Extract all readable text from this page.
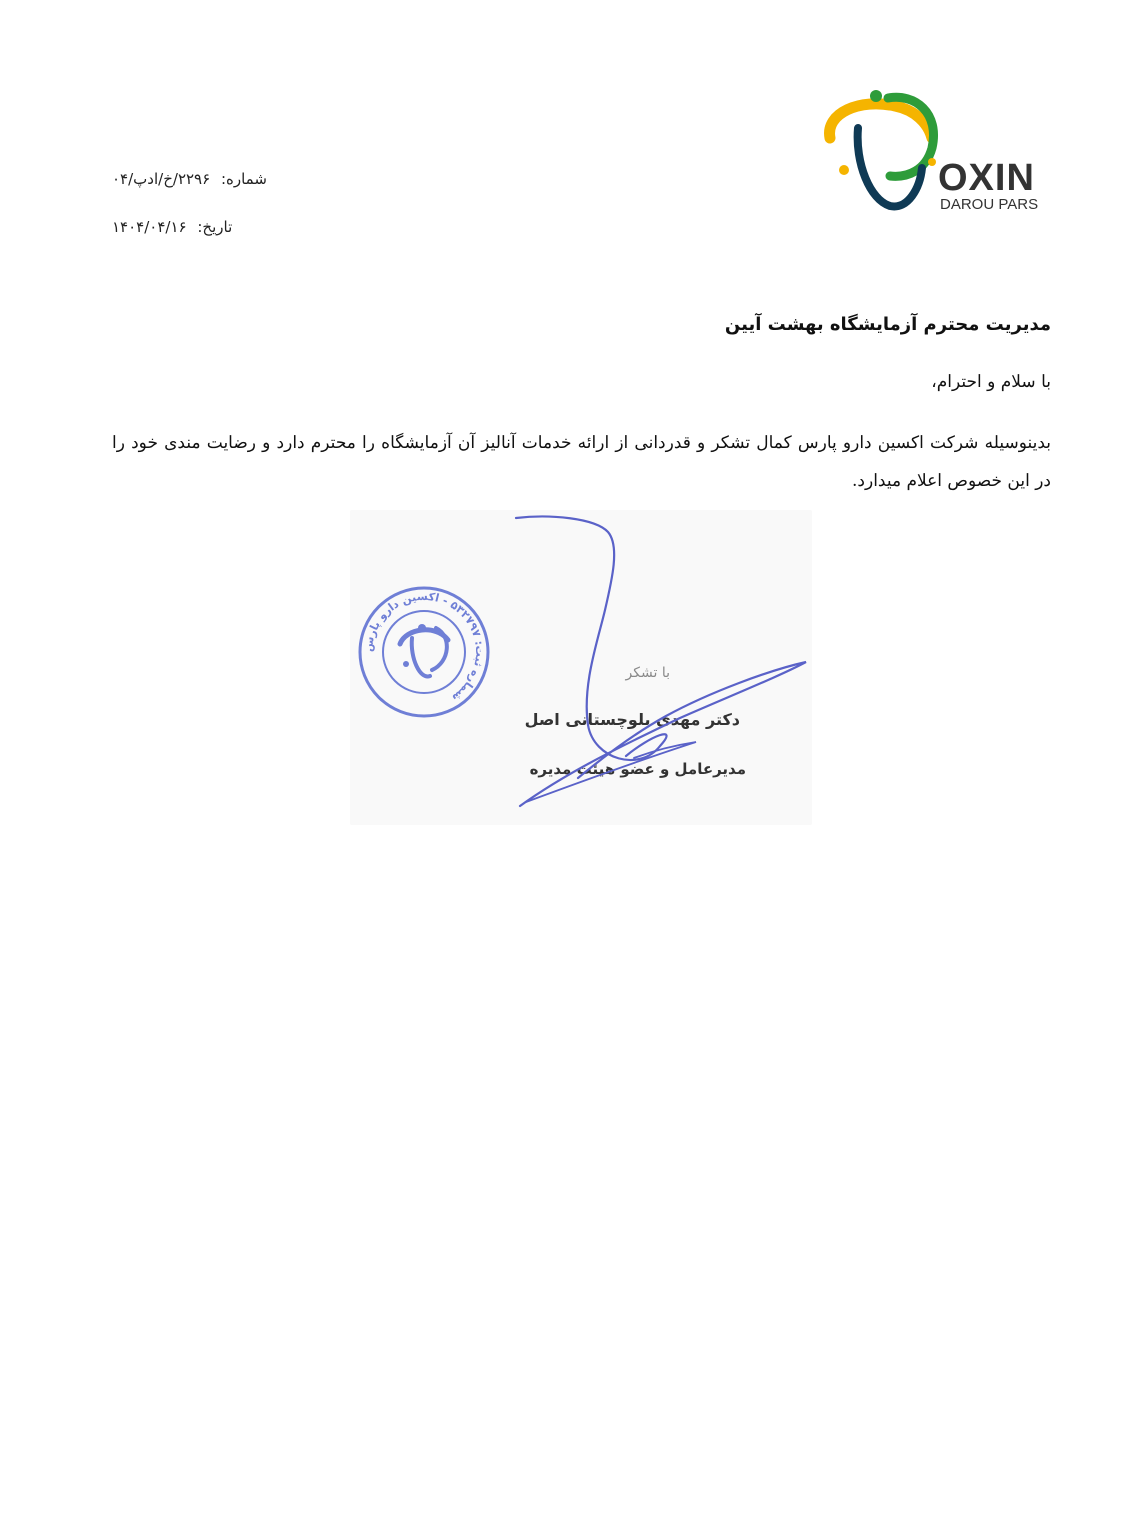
OXIN
DAROU PARS
شماره: ۲۲۹۶/خ/ادپ/۰۴
تاریخ: ۱۴۰۴/۰۴/۱۶
مدیریت محترم آزمایشگاه بهشت آیین
با سلام و احترام،
بدینوسیله شرکت اکسین دارو پارس کمال تشکر و قدردانی از ارائه خدمات آنالیز آن آزمایشگاه را محترم دارد و رضایت مندی خود را در این خصوص اعلام میدارد.
شماره ثبت: ۵۳۲۷۹۷ - اکسین دارو پارس
با تشکر
دکتر مهدی بلوچستانی اصل
مدیرعامل و عضو هیئت مدیره
